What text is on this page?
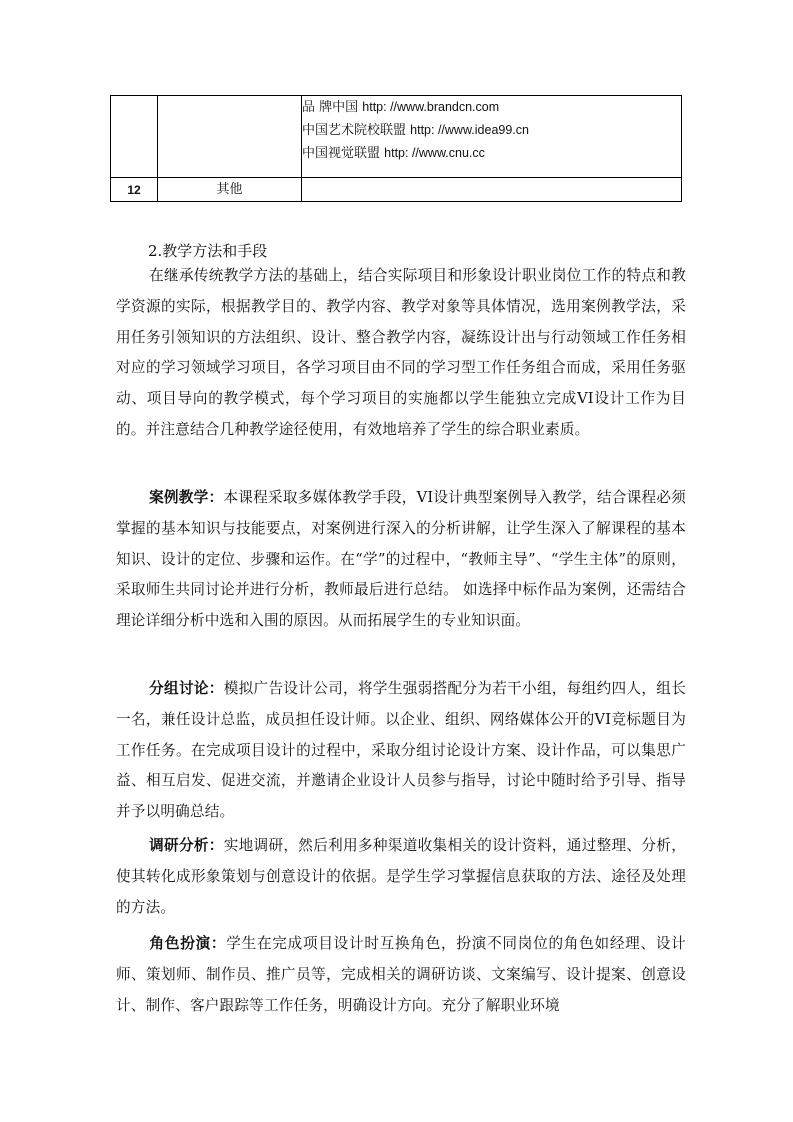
		品 牌中国 http: //www.brandcn.com
中国艺术院校联盟 http: //www.idea99.cn
中国视觉联盟 http: //www.cnu.cc

12	其他	
2.教学方法和手段
在继承传统教学方法的基础上，结合实际项目和形象设计职业岗位工作的特点和教学资源的实际，根据教学目的、教学内容、教学对象等具体情况，选用案例教学法，采用任务引领知识的方法组织、设计、整合教学内容，凝练设计出与行动领域工作任务相对应的学习领域学习项目，各学习项目由不同的学习型工作任务组合而成，采用任务驱动、项目导向的教学模式，每个学习项目的实施都以学生能独立完成VI设计工作为目的。并注意结合几种教学途径使用，有效地培养了学生的综合职业素质。
案例教学：本课程采取多媒体教学手段，VI设计典型案例导入教学，结合课程必须掌握的基本知识与技能要点，对案例进行深入的分析讲解，让学生深入了解课程的基本知识、设计的定位、步骤和运作。在“学”的过程中，“教师主导”、“学生主体”的原则，采取师生共同讨论并进行分析，教师最后进行总结。 如选择中标作品为案例，还需结合理论详细分析中选和入围的原因。从而拓展学生的专业知识面。
分组讨论：模拟广告设计公司，将学生强弱搭配分为若干小组，每组约四人，组长一名，兼任设计总监，成员担任设计师。以企业、组织、网络媒体公开的VI竞标题目为工作任务。在完成项目设计的过程中，采取分组讨论设计方案、设计作品，可以集思广益、相互启发、促进交流，并邀请企业设计人员参与指导，讨论中随时给予引导、指导并予以明确总结。
调研分析：实地调研，然后利用多种渠道收集相关的设计资料，通过整理、分析，使其转化成形象策划与创意设计的依据。是学生学习掌握信息获取的方法、途径及处理的方法。
角色扮演：学生在完成项目设计时互换角色，扮演不同岗位的角色如经理、设计师、策划师、制作员、推广员等，完成相关的调研访谈、文案编写、设计提案、创意设计、制作、客户跟踪等工作任务，明确设计方向。充分了解职业环境
